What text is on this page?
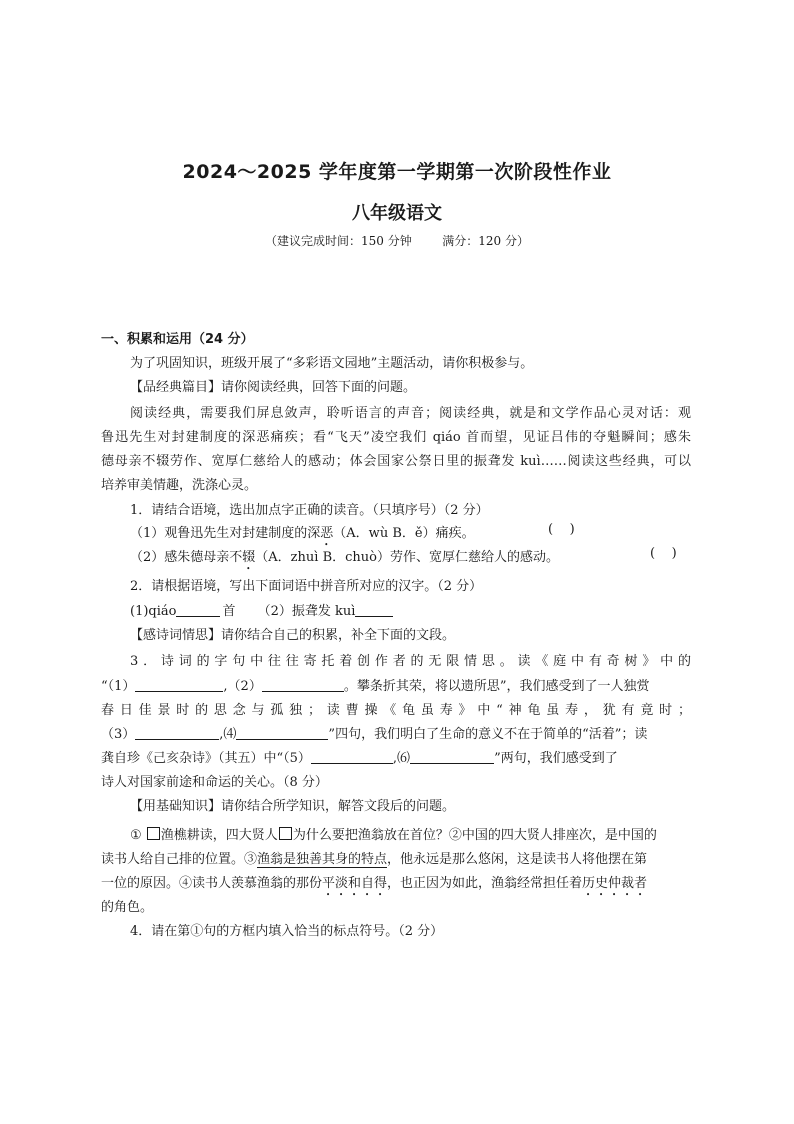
2024～2025 学年度第一学期第一次阶段性作业
八年级语文
（建议完成时间：150 分钟        满分：120 分）
一、积累和运用（24 分）
为了巩固知识，班级开展了“多彩语文园地”主题活动，请你积极参与。
【品经典篇目】请你阅读经典，回答下面的问题。
阅读经典，需要我们屏息敛声，聆听语言的声音；阅读经典，就是和文学作品心灵对话：观
鲁迅先生对封建制度的深恶痛疾；看“飞天”凌空我们 qiáo 首而望，见证吕伟的夺魁瞬间；感朱
德母亲不辍劳作、宽厚仁慈给人的感动；体会国家公祭日里的振聋发 kuì……阅读这些经典，可以
培养审美情趣，洗涤心灵。
1．请结合语境，选出加点字正确的读音。（只填序号）（2 分）
（1）观鲁迅先生对封建制度的深恶（A．wù B．ě）痛疾。	(    )
（2）感朱德母亲不辍（A．zhuì B．chuò）劳作、宽厚仁慈给人的感动。	(    )
2．请根据语境，写出下面词语中拼音所对应的汉字。（2 分）
(1)qiáo	首 （2）振聋发 kuì
【感诗词情思】请你结合自己的积累，补全下面的文段。
3．诗词的字句中往往寄托着创作者的无限情思。读《庭中有奇树》中的
“（1）	,（2）	。攀条折其荣，将以遗所思”，我们感受到了一人独赏
春日佳景时的思念与孤独；读曹操《龟虽寿》中“神龟虽寿，犹有竟时；
（3）	,⑷	”四句，我们明白了生命的意义不在于简单的“活着”；读
龚自珍《己亥杂诗》（其五）中“（5）	,⑹	”两句，我们感受到了
诗人对国家前途和命运的关心。（8 分）
【用基础知识】请你结合所学知识，解答文段后的问题。
① 渔樵耕读，四大贤人 为什么要把渔翁放在首位？②中国的四大贤人排座次，是中国的
读书人给自己排的位置。③渔翁是独善其身的特点，他永远是那么悠闲，这是读书人将他摆在第
一位的原因。④读书人羡慕渔翁的那份平淡和自得，也正因为如此，渔翁经常担任着历史仲裁者
的角色。
4．请在第①句的方框内填入恰当的标点符号。（2 分）
